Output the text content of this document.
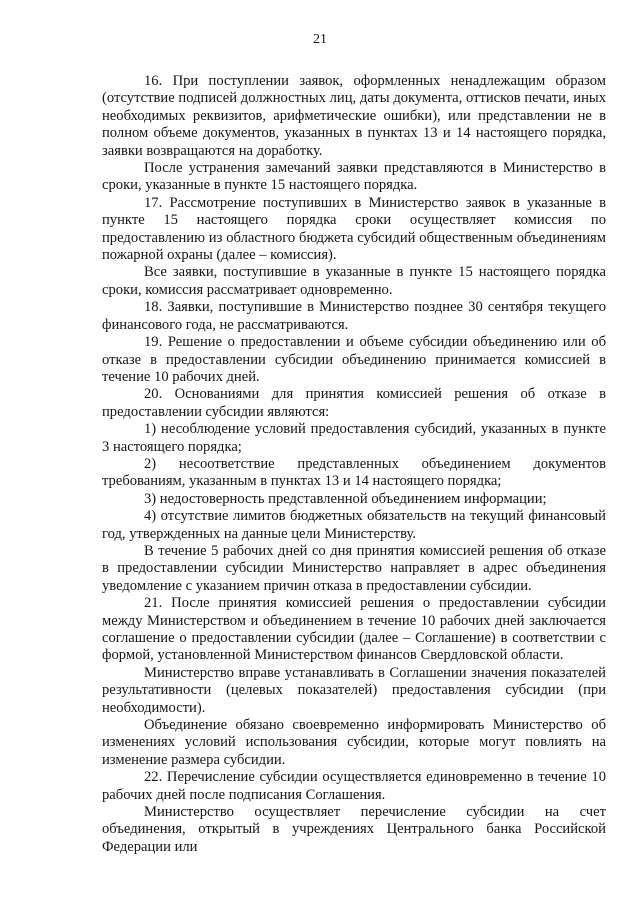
21

16. При поступлении заявок, оформленных ненадлежащим образом (отсутствие подписей должностных лиц, даты документа, оттисков печати, иных необходимых реквизитов, арифметические ошибки), или представлении не в полном объеме документов, указанных в пунктах 13 и 14 настоящего порядка, заявки возвращаются на доработку.

После устранения замечаний заявки представляются в Министерство в сроки, указанные в пункте 15 настоящего порядка.

17. Рассмотрение поступивших в Министерство заявок в указанные в пункте 15 настоящего порядка сроки осуществляет комиссия по предоставлению из областного бюджета субсидий общественным объединениям пожарной охраны (далее – комиссия).

Все заявки, поступившие в указанные в пункте 15 настоящего порядка сроки, комиссия рассматривает одновременно.

18. Заявки, поступившие в Министерство позднее 30 сентября текущего финансового года, не рассматриваются.

19. Решение о предоставлении и объеме субсидии объединению или об отказе в предоставлении субсидии объединению принимается комиссией в течение 10 рабочих дней.

20. Основаниями для принятия комиссией решения об отказе в предоставлении субсидии являются:

1) несоблюдение условий предоставления субсидий, указанных в пункте 3 настоящего порядка;

2) несоответствие представленных объединением документов требованиям, указанным в пунктах 13 и 14 настоящего порядка;

3) недостоверность представленной объединением информации;

4) отсутствие лимитов бюджетных обязательств на текущий финансовый год, утвержденных на данные цели Министерству.

В течение 5 рабочих дней со дня принятия комиссией решения об отказе в предоставлении субсидии Министерство направляет в адрес объединения уведомление с указанием причин отказа в предоставлении субсидии.

21. После принятия комиссией решения о предоставлении субсидии между Министерством и объединением в течение 10 рабочих дней заключается соглашение о предоставлении субсидии (далее – Соглашение) в соответствии с формой, установленной Министерством финансов Свердловской области.

Министерство вправе устанавливать в Соглашении значения показателей результативности (целевых показателей) предоставления субсидии (при необходимости).

Объединение обязано своевременно информировать Министерство об изменениях условий использования субсидии, которые могут повлиять на изменение размера субсидии.

22. Перечисление субсидии осуществляется единовременно в течение 10 рабочих дней после подписания Соглашения.

Министерство осуществляет перечисление субсидии на счет объединения, открытый в учреждениях Центрального банка Российской Федерации или
